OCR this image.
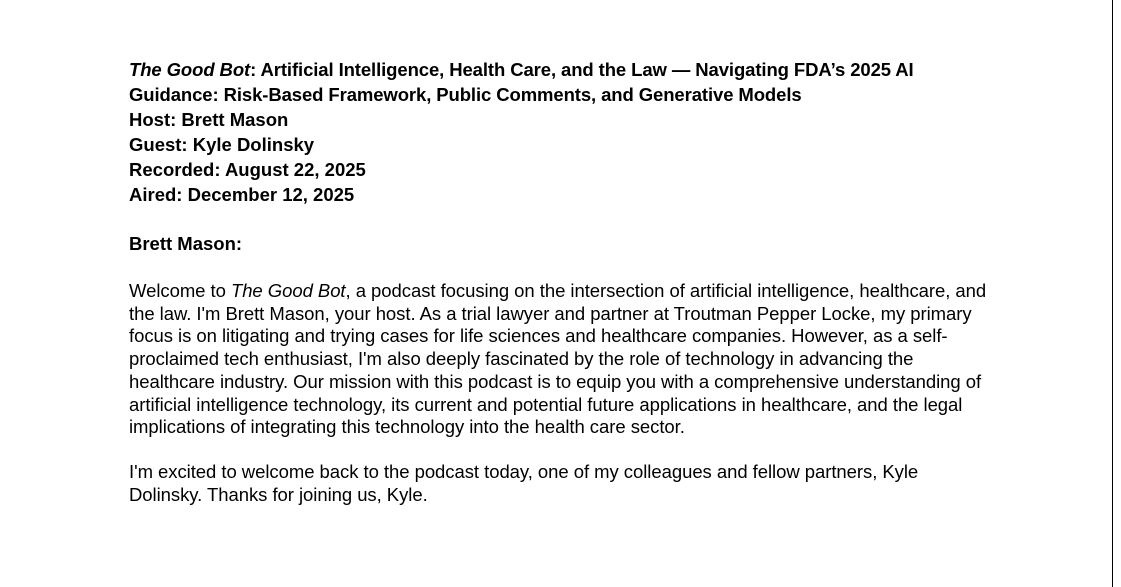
The Good Bot: Artificial Intelligence, Health Care, and the Law — Navigating FDA’s 2025 AI Guidance: Risk-Based Framework, Public Comments, and Generative Models
Host: Brett Mason
Guest: Kyle Dolinsky
Recorded: August 22, 2025
Aired: December 12, 2025
Brett Mason:
Welcome to The Good Bot, a podcast focusing on the intersection of artificial intelligence, healthcare, and the law. I'm Brett Mason, your host. As a trial lawyer and partner at Troutman Pepper Locke, my primary focus is on litigating and trying cases for life sciences and healthcare companies. However, as a self-proclaimed tech enthusiast, I'm also deeply fascinated by the role of technology in advancing the healthcare industry. Our mission with this podcast is to equip you with a comprehensive understanding of artificial intelligence technology, its current and potential future applications in healthcare, and the legal implications of integrating this technology into the health care sector.
I'm excited to welcome back to the podcast today, one of my colleagues and fellow partners, Kyle Dolinsky. Thanks for joining us, Kyle.
